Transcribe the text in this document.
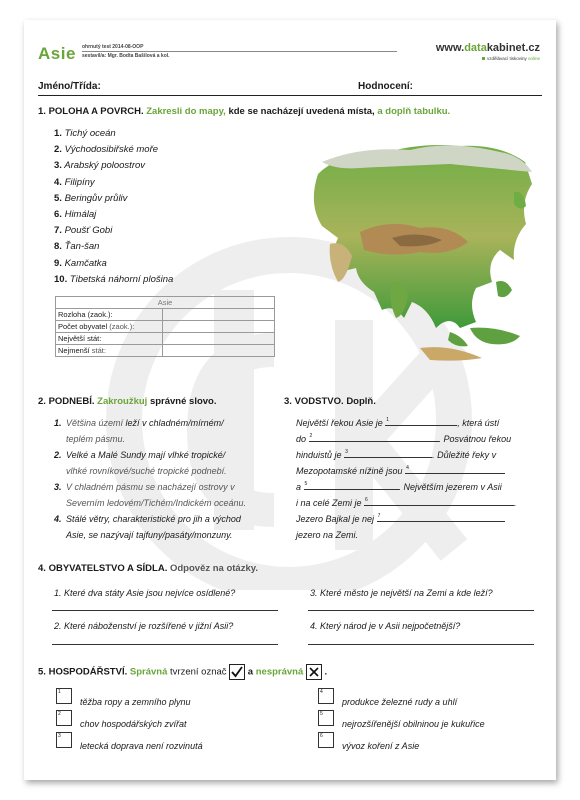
Asie ohrnutý test 2014-08-OOP
sestavil/a: Mgr. Bodta Bašilová a kol.
www.datakabinet.cz
vzdělávací tiskoviny online
Jméno/Třída:	Hodnocení:
1. POLOHA A POVRCH. Zakresli do mapy, kde se nacházejí uvedená místa, a doplň tabulku.
1. Tichý oceán
2. Východosibiřské moře
3. Arabský poloostrov
4. Filipíny
5. Beringův průliv
6. Himálaj
7. Poušť Gobi
8. Ťan-šan
9. Kamčatka
10. Tibetská náhorní plošina
Asie	
Rozloha (zaok.):	
Počet obyvatel (zaok.):	
Největší stát:	
Nejmenší stát:	
2. PODNEBÍ. Zakroužkuj správné slovo.
1. Většina území leží v chladném/mírném/
teplém pásmu.
2. Velké a Malé Sundy mají vlhké tropické/
vlhké rovníkové/suché tropické podnebí.
3. V chladném pásmu se nacházejí ostrovy v
Severním ledovém/Tichém/Indickém oceánu.
4. Stálé větry, charakteristické pro jih a východ
Asie, se nazývají tajfuny/pasáty/monzuny.
3. VODSTVO. Doplň.
Největší řekou Asie je 1	, která ústí
do 2	. Posvátnou řekou
hinduistů je 3	. Důležité řeky v
Mezopotamské nížině jsou 4
a 5	. Největším jezerem v Asii
i na celé Zemi je 6	.
Jezero Bajkal je nej 7
jezero na Zemi.
4. OBYVATELSTVO A SÍDLA. Odpověz na otázky.
1. Které dva státy Asie jsou nejvíce osídlené?	3. Které město je největší na Zemi a kde leží?
2. Které náboženství je rozšířené v jižní Asii?	4. Který národ je v Asii nejpočetnější?
5. HOSPODÁŘSTVÍ. Správná tvrzení označ a nesprávná .
1
těžba ropy a zemního plynu
2
chov hospodářských zvířat
3
letecká doprava není rozvinutá
4
produkce železné rudy a uhlí
5
nejrozšířenější obilninou je kukuřice
6
vývoz koření z Asie
